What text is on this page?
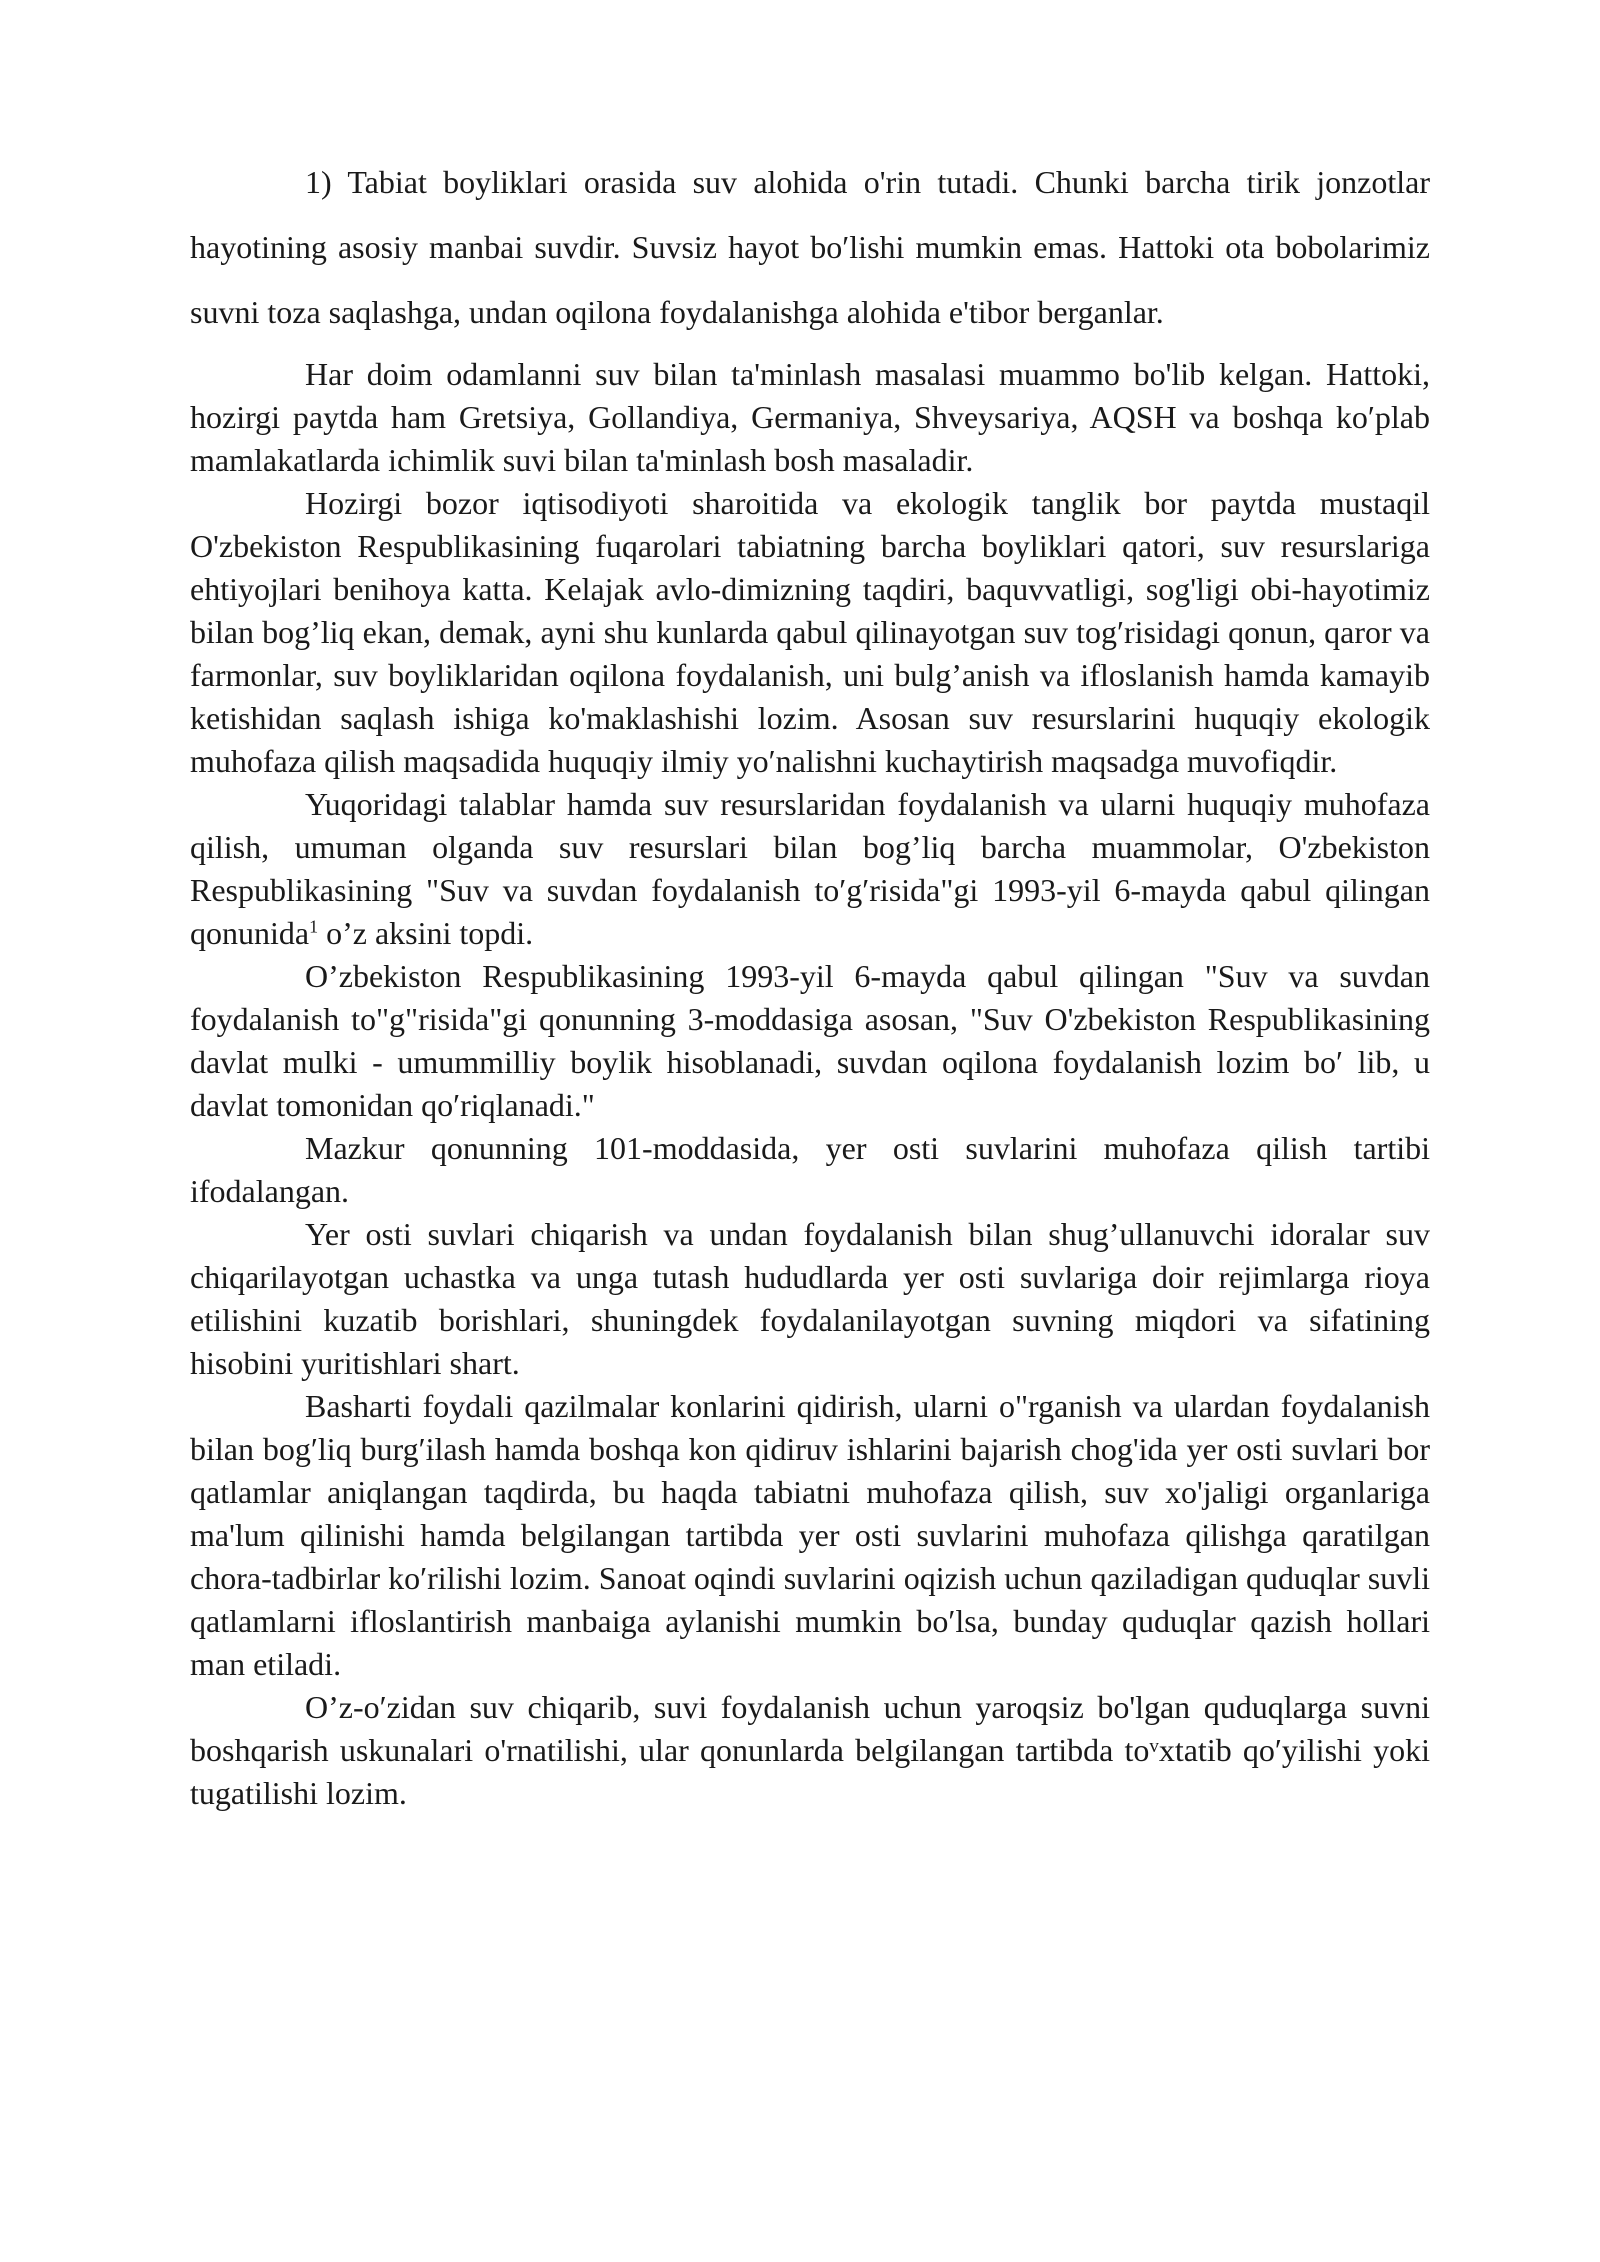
1) Tabiat boyliklari orasida suv alohida o'rin tutadi. Chunki barcha tirik jonzotlar hayotining asosiy manbai suvdir. Suvsiz hayot boʹlishi mumkin emas. Hattoki ota bobolarimiz suvni toza saqlashga, undan oqilona foydalanishga alohida e'tibor berganlar.

Har doim odamlanni suv bilan ta'minlash masalasi muammo bo'lib kelgan. Hattoki, hozirgi paytda ham Gretsiya, Gollandiya, Germaniya, Shveysariya, AQSH va boshqa koʹplab mamlakatlarda ichimlik suvi bilan ta'minlash bosh masaladir.

Hozirgi bozor iqtisodiyoti sharoitida va ekologik tanglik bor paytda mustaqil O'zbekiston Respublikasining fuqarolari tabiatning barcha boyliklari qatori, suv resurslariga ehtiyojlari benihoya katta. Kelajak avlo-dimizning taqdiri, baquvvatligi, sog'ligi obi-hayotimiz bilan bog’liq ekan, demak, ayni shu kunlarda qabul qilinayotgan suv togʹrisidagi qonun, qaror va farmonlar, suv boyliklaridan oqilona foydalanish, uni bulg’anish va ifloslanish hamda kamayib ketishidan saqlash ishiga ko'maklashishi lozim. Asosan suv resurslarini huquqiy ekologik muhofaza qilish maqsadida huquqiy ilmiy yoʹnalishni kuchaytirish maqsadga muvofiqdir.

Yuqoridagi talablar hamda suv resurslaridan foydalanish va ularni huquqiy muhofaza qilish, umuman olganda suv resurslari bilan bog’liq barcha muammolar, O'zbekiston Respublikasining "Suv va suvdan foydalanish toʹgʹrisida"gi 1993-yil 6-mayda qabul qilingan qonunida$^1$ o’z aksini topdi.

O’zbekiston Respublikasining 1993-yil 6-mayda qabul qilingan "Suv va suvdan foydalanish to"g"risida"gi qonunning 3-moddasiga asosan, "Suv O'zbekiston Respublikasining davlat mulki - umummilliy boylik hisoblanadi, suvdan oqilona foydalanish lozim boʹ lib, u davlat tomonidan qoʹriqlanadi."

Mazkur qonunning 101-moddasida, yer osti suvlarini muhofaza qilish tartibi ifodalangan.

Yer osti suvlari chiqarish va undan foydalanish bilan shug’ullanuvchi idoralar suv chiqarilayotgan uchastka va unga tutash hududlarda yer osti suvlariga doir rejimlarga rioya etilishini kuzatib borishlari, shuningdek foydalanilayotgan suvning miqdori va sifatining hisobini yuritishlari shart.

Basharti foydali qazilmalar konlarini qidirish, ularni o"rganish va ulardan foydalanish bilan bogʹliq burgʹilash hamda boshqa kon qidiruv ishlarini bajarish chog'ida yer osti suvlari bor qatlamlar aniqlangan taqdirda, bu haqda tabiatni muhofaza qilish, suv xo'jaligi organlariga ma'lum qilinishi hamda belgilangan tartibda yer osti suvlarini muhofaza qilishga qaratilgan chora-tadbirlar koʹrilishi lozim. Sanoat oqindi suvlarini oqizish uchun qaziladigan quduqlar suvli qatlamlarni ifloslantirish manbaiga aylanishi mumkin boʹlsa, bunday quduqlar qazish hollari man etiladi.

O’z-oʹzidan suv chiqarib, suvi foydalanish uchun yaroqsiz bo'lgan quduqlarga suvni boshqarish uskunalari o'rnatilishi, ular qonunlarda belgilangan tartibda toᵛxtatib qoʹyilishi yoki tugatilishi lozim.
